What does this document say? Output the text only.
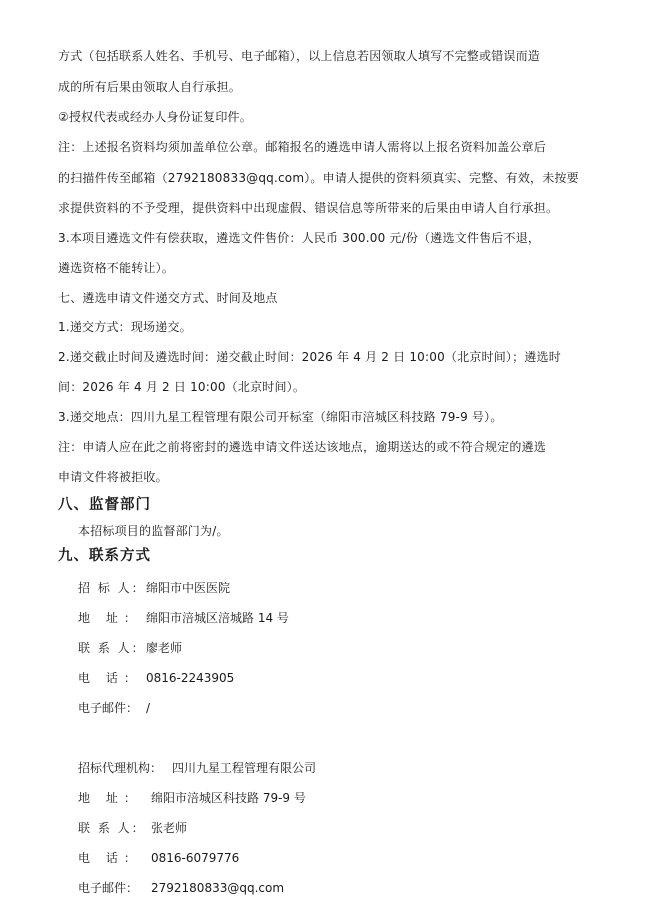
方式（包括联系人姓名、手机号、电子邮箱），以上信息若因领取人填写不完整或错误而造
成的所有后果由领取人自行承担。
②授权代表或经办人身份证复印件。
注：上述报名资料均须加盖单位公章。邮箱报名的遴选申请人需将以上报名资料加盖公章后
的扫描件传至邮箱（2792180833@qq.com）。申请人提供的资料须真实、完整、有效，未按要
求提供资料的不予受理，提供资料中出现虚假、错误信息等所带来的后果由申请人自行承担。
3.本项目遴选文件有偿获取，遴选文件售价：人民币 300.00 元/份（遴选文件售后不退，
遴选资格不能转让）。
七、遴选申请文件递交方式、时间及地点
1.递交方式：现场递交。
2.递交截止时间及遴选时间：递交截止时间：2026 年 4 月 2 日 10:00（北京时间）；遴选时
间：2026 年 4 月 2 日 10:00（北京时间）。
3.递交地点：四川九星工程管理有限公司开标室（绵阳市涪城区科技路 79-9 号）。
注：申请人应在此之前将密封的遴选申请文件送达该地点，逾期送达的或不符合规定的遴选
申请文件将被拒收。
八、监督部门
本招标项目的监督部门为/。
九、联系方式
招 标 人： 绵阳市中医医院
地 址： 绵阳市涪城区涪城路 14 号
联 系 人： 廖老师
电 话： 0816-2243905
电子邮件： /
招标代理机构： 四川九星工程管理有限公司
地 址： 绵阳市涪城区科技路 79-9 号
联 系 人： 张老师
电 话： 0816-6079776
电子邮件： 2792180833@qq.com
